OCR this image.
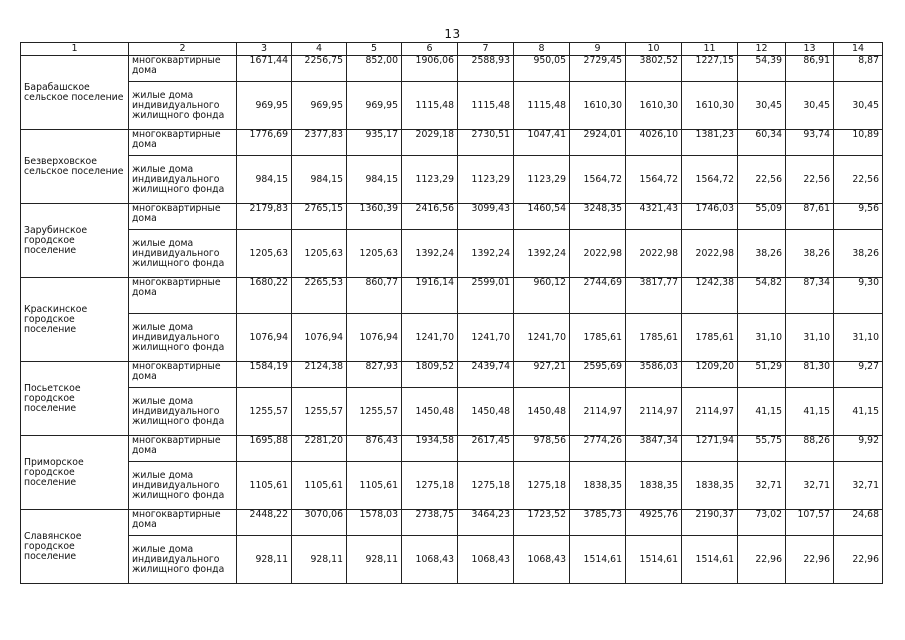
13
1	2	3	4	5	6	7	8	9	10	11	12	13	14
Барабашское сельское поселение	многоквартирные дома	1671,44	2256,75	852,00	1906,06	2588,93	950,05	2729,45	3802,52	1227,15	54,39	86,91	8,87
	жилые дома индивидуального жилищного фонда	969,95	969,95	969,95	1115,48	1115,48	1115,48	1610,30	1610,30	1610,30	30,45	30,45	30,45
Безверховское сельское поселение	многоквартирные дома	1776,69	2377,83	935,17	2029,18	2730,51	1047,41	2924,01	4026,10	1381,23	60,34	93,74	10,89
	жилые дома индивидуального жилищного фонда	984,15	984,15	984,15	1123,29	1123,29	1123,29	1564,72	1564,72	1564,72	22,56	22,56	22,56
Зарубинское городское поселение	многоквартирные дома	2179,83	2765,15	1360,39	2416,56	3099,43	1460,54	3248,35	4321,43	1746,03	55,09	87,61	9,56
	жилые дома индивидуального жилищного фонда	1205,63	1205,63	1205,63	1392,24	1392,24	1392,24	2022,98	2022,98	2022,98	38,26	38,26	38,26
Краскинское городское поселение	многоквартирные дома	1680,22	2265,53	860,77	1916,14	2599,01	960,12	2744,69	3817,77	1242,38	54,82	87,34	9,30
	жилые дома индивидуального жилищного фонда	1076,94	1076,94	1076,94	1241,70	1241,70	1241,70	1785,61	1785,61	1785,61	31,10	31,10	31,10
Посьетское городское поселение	многоквартирные дома	1584,19	2124,38	827,93	1809,52	2439,74	927,21	2595,69	3586,03	1209,20	51,29	81,30	9,27
	жилые дома индивидуального жилищного фонда	1255,57	1255,57	1255,57	1450,48	1450,48	1450,48	2114,97	2114,97	2114,97	41,15	41,15	41,15
Приморское городское поселение	многоквартирные дома	1695,88	2281,20	876,43	1934,58	2617,45	978,56	2774,26	3847,34	1271,94	55,75	88,26	9,92
	жилые дома индивидуального жилищного фонда	1105,61	1105,61	1105,61	1275,18	1275,18	1275,18	1838,35	1838,35	1838,35	32,71	32,71	32,71
Славянское городское поселение	многоквартирные дома	2448,22	3070,06	1578,03	2738,75	3464,23	1723,52	3785,73	4925,76	2190,37	73,02	107,57	24,68
	жилые дома индивидуального жилищного фонда	928,11	928,11	928,11	1068,43	1068,43	1068,43	1514,61	1514,61	1514,61	22,96	22,96	22,96
